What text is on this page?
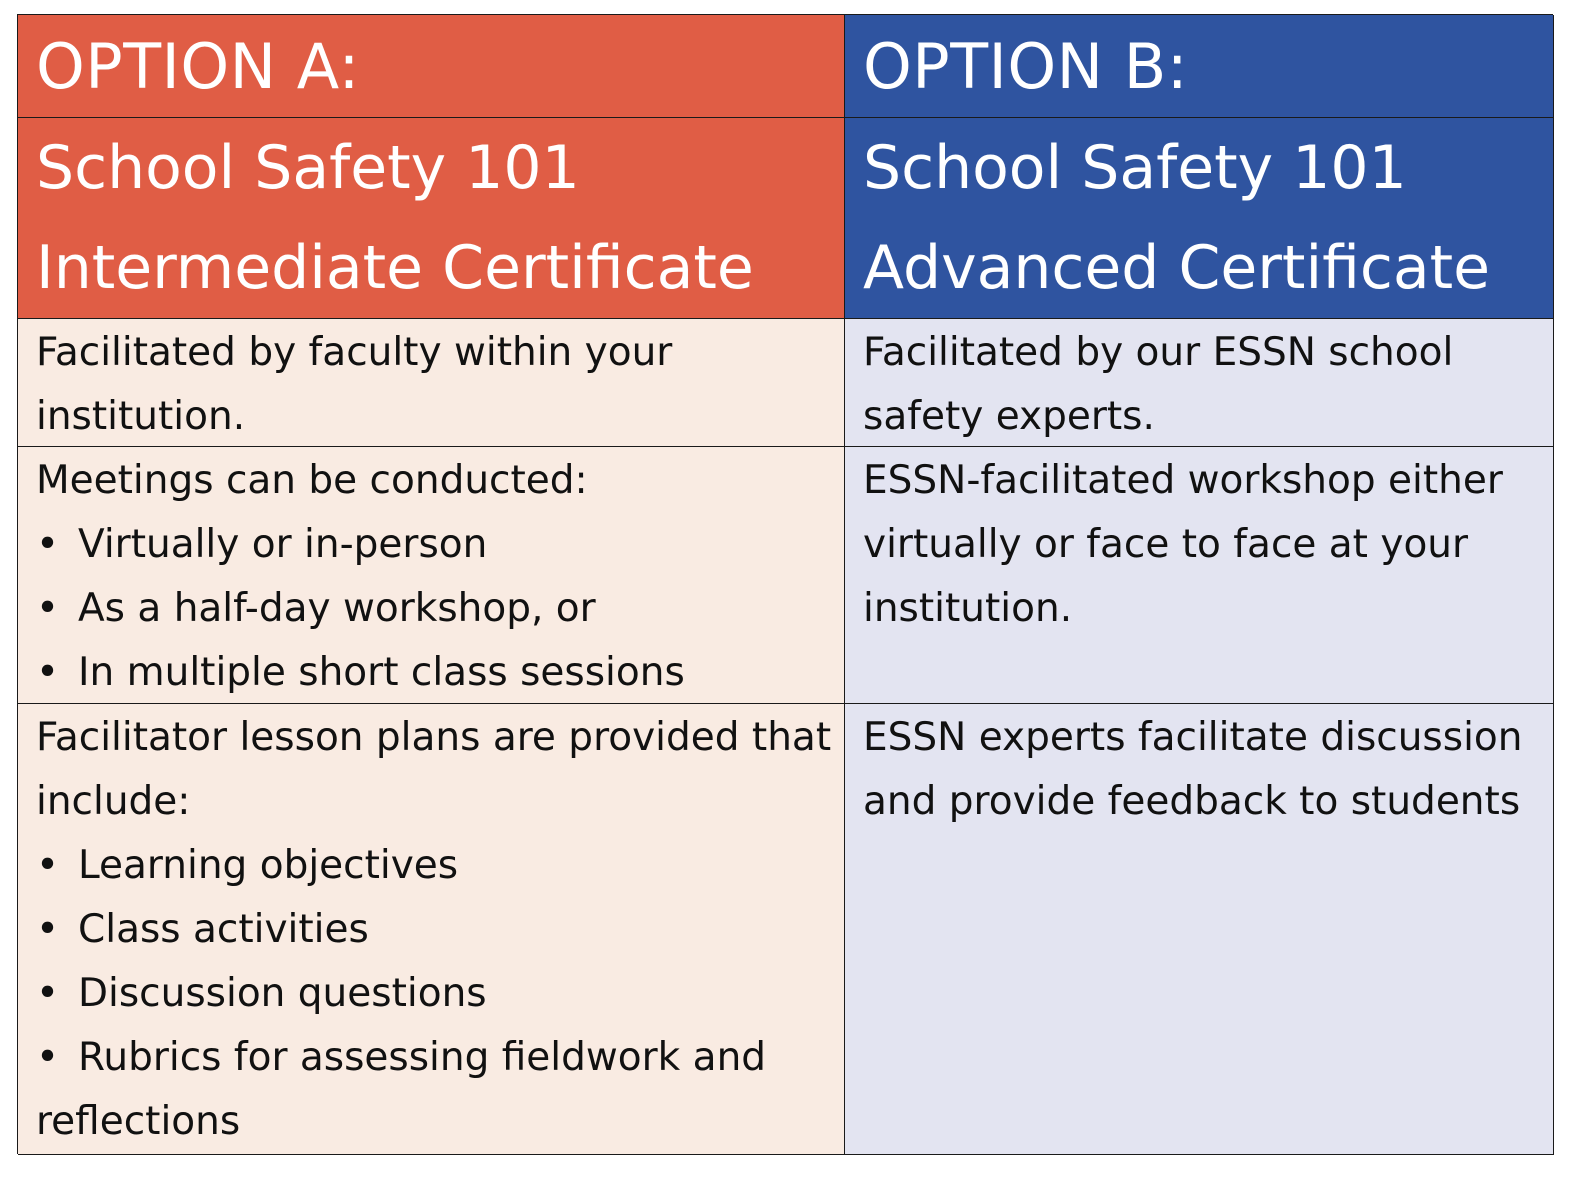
OPTION A:	OPTION B:
School Safety 101
Intermediate Certificate
School Safety 101
Advanced Certificate
Facilitated by faculty within your institution.
Facilitated by our ESSN school safety experts.
Meetings can be conducted:
• Virtually or in-person
• As a half-day workshop, or
• In multiple short class sessions
ESSN-facilitated workshop either virtually or face to face at your institution.
Facilitator lesson plans are provided that include:
• Learning objectives
• Class activities
• Discussion questions
• Rubrics for assessing fieldwork and
reflections
ESSN experts facilitate discussion and provide feedback to students
